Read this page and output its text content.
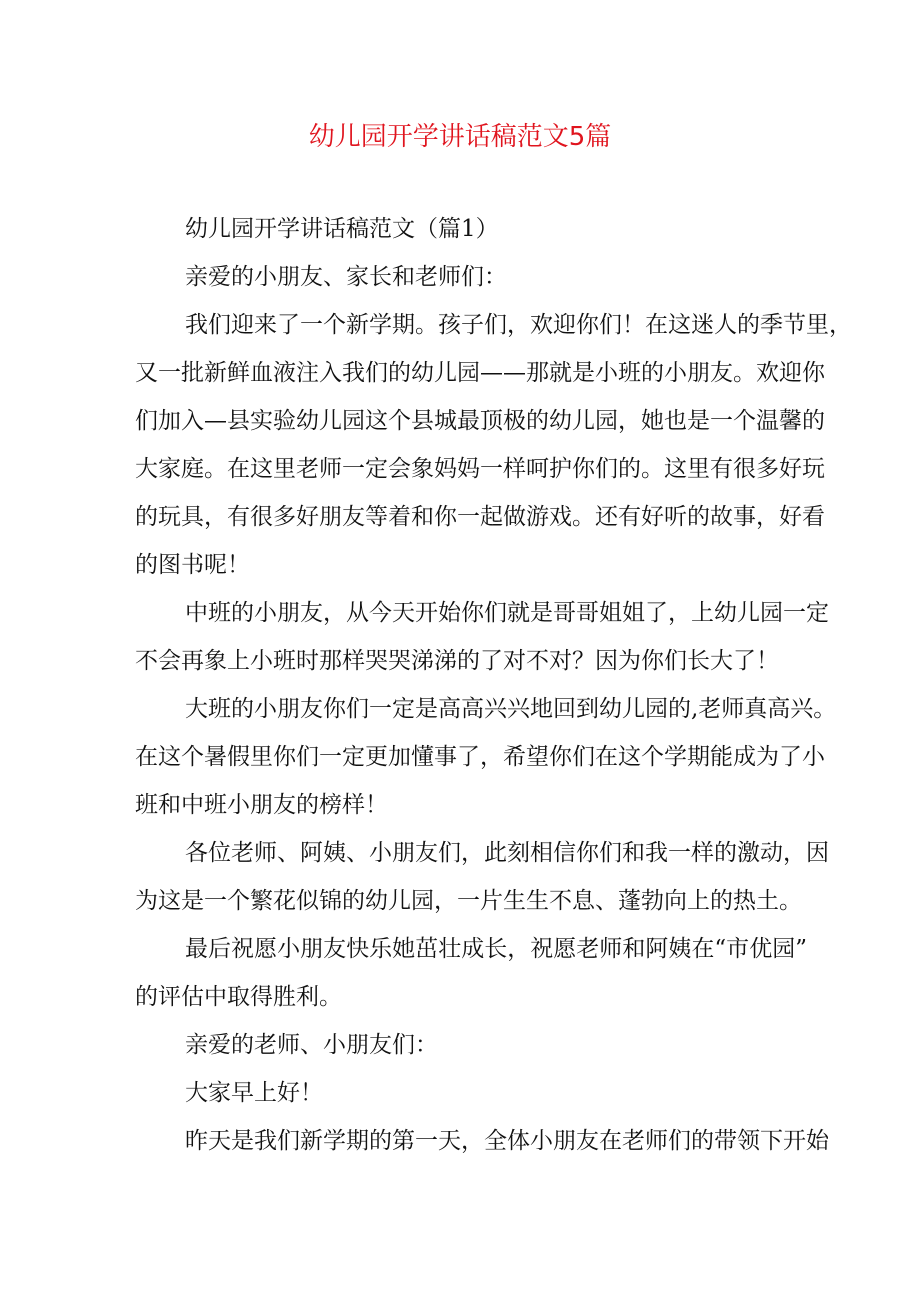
幼儿园开学讲话稿范文5篇
幼儿园开学讲话稿范文（篇1）
亲爱的小朋友、家长和老师们：
我们迎来了一个新学期。孩子们，欢迎你们！在这迷人的季节里，
又一批新鲜血液注入我们的幼儿园——那就是小班的小朋友。欢迎你
们加入—县实验幼儿园这个县城最顶极的幼儿园，她也是一个温馨的
大家庭。在这里老师一定会象妈妈一样呵护你们的。这里有很多好玩
的玩具，有很多好朋友等着和你一起做游戏。还有好听的故事，好看
的图书呢！
中班的小朋友，从今天开始你们就是哥哥姐姐了，上幼儿园一定
不会再象上小班时那样哭哭涕涕的了对不对？因为你们长大了！
大班的小朋友你们一定是高高兴兴地回到幼儿园的,老师真高兴。
在这个暑假里你们一定更加懂事了，希望你们在这个学期能成为了小
班和中班小朋友的榜样！
各位老师、阿姨、小朋友们，此刻相信你们和我一样的激动，因
为这是一个繁花似锦的幼儿园，一片生生不息、蓬勃向上的热土。
最后祝愿小朋友快乐她茁壮成长，祝愿老师和阿姨在“市优园”
的评估中取得胜利。
亲爱的老师、小朋友们：
大家早上好！
昨天是我们新学期的第一天，全体小朋友在老师们的带领下开始
